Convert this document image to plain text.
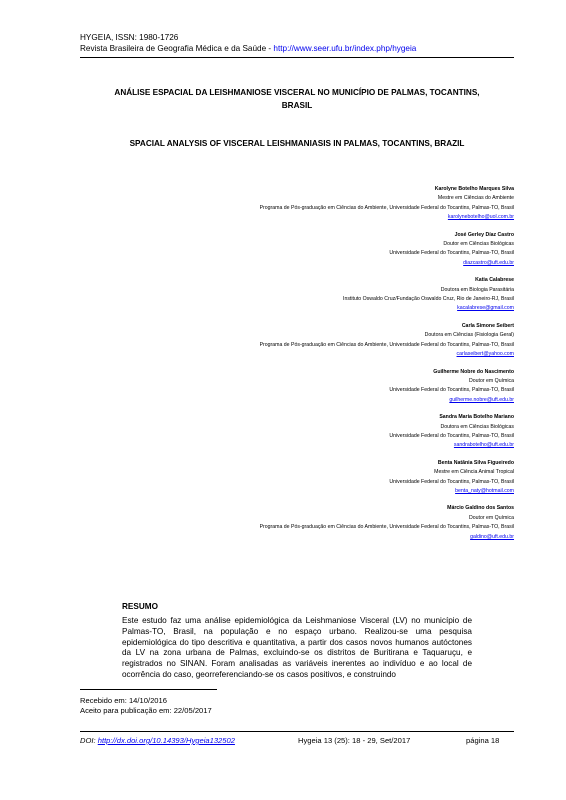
HYGEIA, ISSN: 1980-1726
Revista Brasileira de Geografia Médica e da Saúde - http://www.seer.ufu.br/index.php/hygeia
ANÁLISE ESPACIAL DA LEISHMANIOSE VISCERAL NO MUNICÍPIO DE PALMAS, TOCANTINS,
BRASIL
SPACIAL ANALYSIS OF VISCERAL LEISHMANIASIS IN PALMAS, TOCANTINS, BRAZIL
Karolyne Botelho Marques Silva
Mestre em Ciências do Ambiente
Programa de Pós-graduação em Ciências do Ambiente, Universidade Federal do Tocantins, Palmas-TO, Brasil
karolynebotelho@uol.com.br
José Gerley Díaz Castro
Doutor em Ciências Biológicas
Universidade Federal do Tocantins, Palmas-TO, Brasil
diazcastro@uft.edu.br
Katia Calabrese
Doutora em Biologia Parasitária
Instituto Oswaldo Cruz/Fundação Oswaldo Cruz, Rio de Janeiro-RJ, Brasil
kacalabrese@gmail.com
Carla Simone Seibert
Doutora em Ciências (Fisiologia Geral)
Programa de Pós-graduação em Ciências do Ambiente, Universidade Federal do Tocantins, Palmas-TO, Brasil
carlaseibert@yahoo.com
Guilherme Nobre do Nascimento
Doutor em Química
Universidade Federal do Tocantins, Palmas-TO, Brasil
guilherme.nobre@uft.edu.br
Sandra Maria Botelho Mariano
Doutora em Ciências Biológicas
Universidade Federal do Tocantins, Palmas-TO, Brasil
sandrabotelho@uft.edu.br
Benta Natânia Silva Figueiredo
Mestre em Ciência Animal Tropical
Universidade Federal do Tocantins, Palmas-TO, Brasil
benta_naty@hotmail.com
Márcio Galdino dos Santos
Doutor em Química
Programa de Pós-graduação em Ciências do Ambiente, Universidade Federal do Tocantins, Palmas-TO, Brasil
galdino@uft.edu.br
RESUMO
Este estudo faz uma análise epidemiológica da Leishmaniose Visceral (LV) no município de Palmas-TO, Brasil, na população e no espaço urbano. Realizou-se uma pesquisa epidemiológica do tipo descritiva e quantitativa, a partir dos casos novos humanos autóctones da LV na zona urbana de Palmas, excluindo-se os distritos de Buritirana e Taquaruçu, e registrados no SINAN. Foram analisadas as variáveis inerentes ao indivíduo e ao local de ocorrência do caso, georreferenciando-se os casos positivos, e construindo
Recebido em: 14/10/2016
Aceito para publicação em: 22/05/2017
DOI: http://dx.doi.org/10.14393/Hygeia132502	Hygeia 13 (25): 18 - 29, Set/2017	página 18
